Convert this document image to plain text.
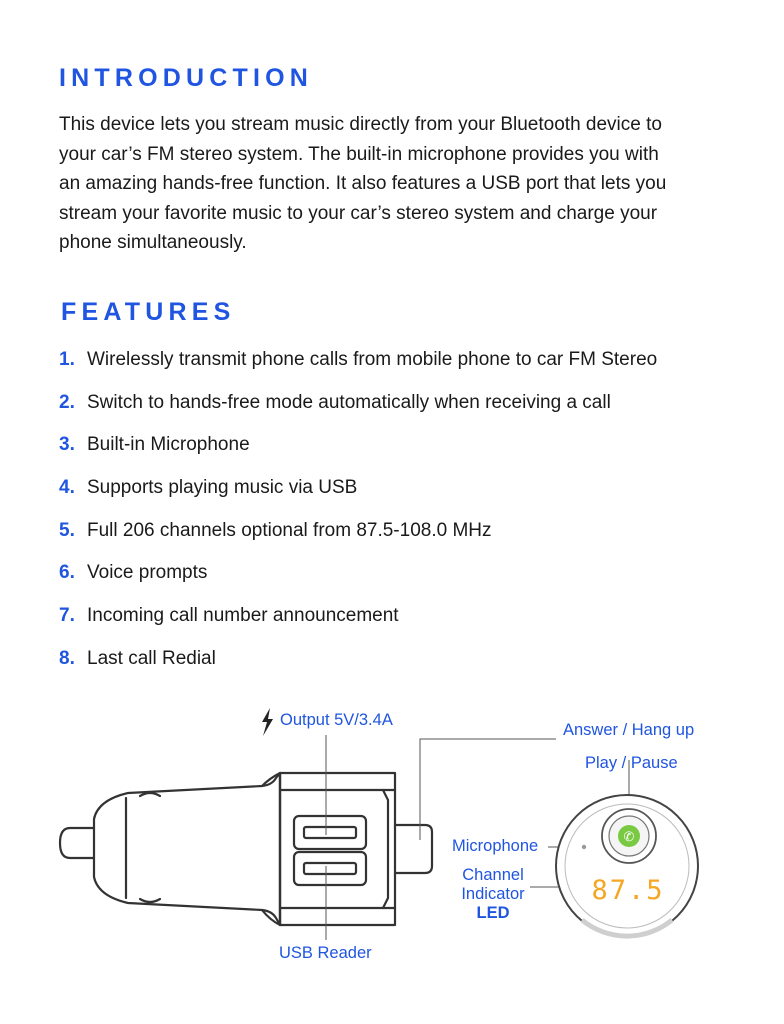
INTRODUCTION

This device lets you stream music directly from your Bluetooth device to
your car’s FM stereo system. The built-in microphone provides you with
an amazing hands-free function. It also features a USB port that lets you
stream your favorite music to your car’s stereo system and charge your
phone simultaneously.

FEATURES
1. Wirelessly transmit phone calls from mobile phone to car FM Stereo
2. Switch to hands-free mode automatically when receiving a call
3. Built-in Microphone
4. Supports playing music via USB
5. Full 206 channels optional from 87.5-108.0 MHz
6. Voice prompts
7. Incoming call number announcement
8. Last call Redial
✆
87.5
Output 5V/3.4A
USB Reader
Answer / Hang up
Play / Pause
Microphone
Channel
Indicator
LED
